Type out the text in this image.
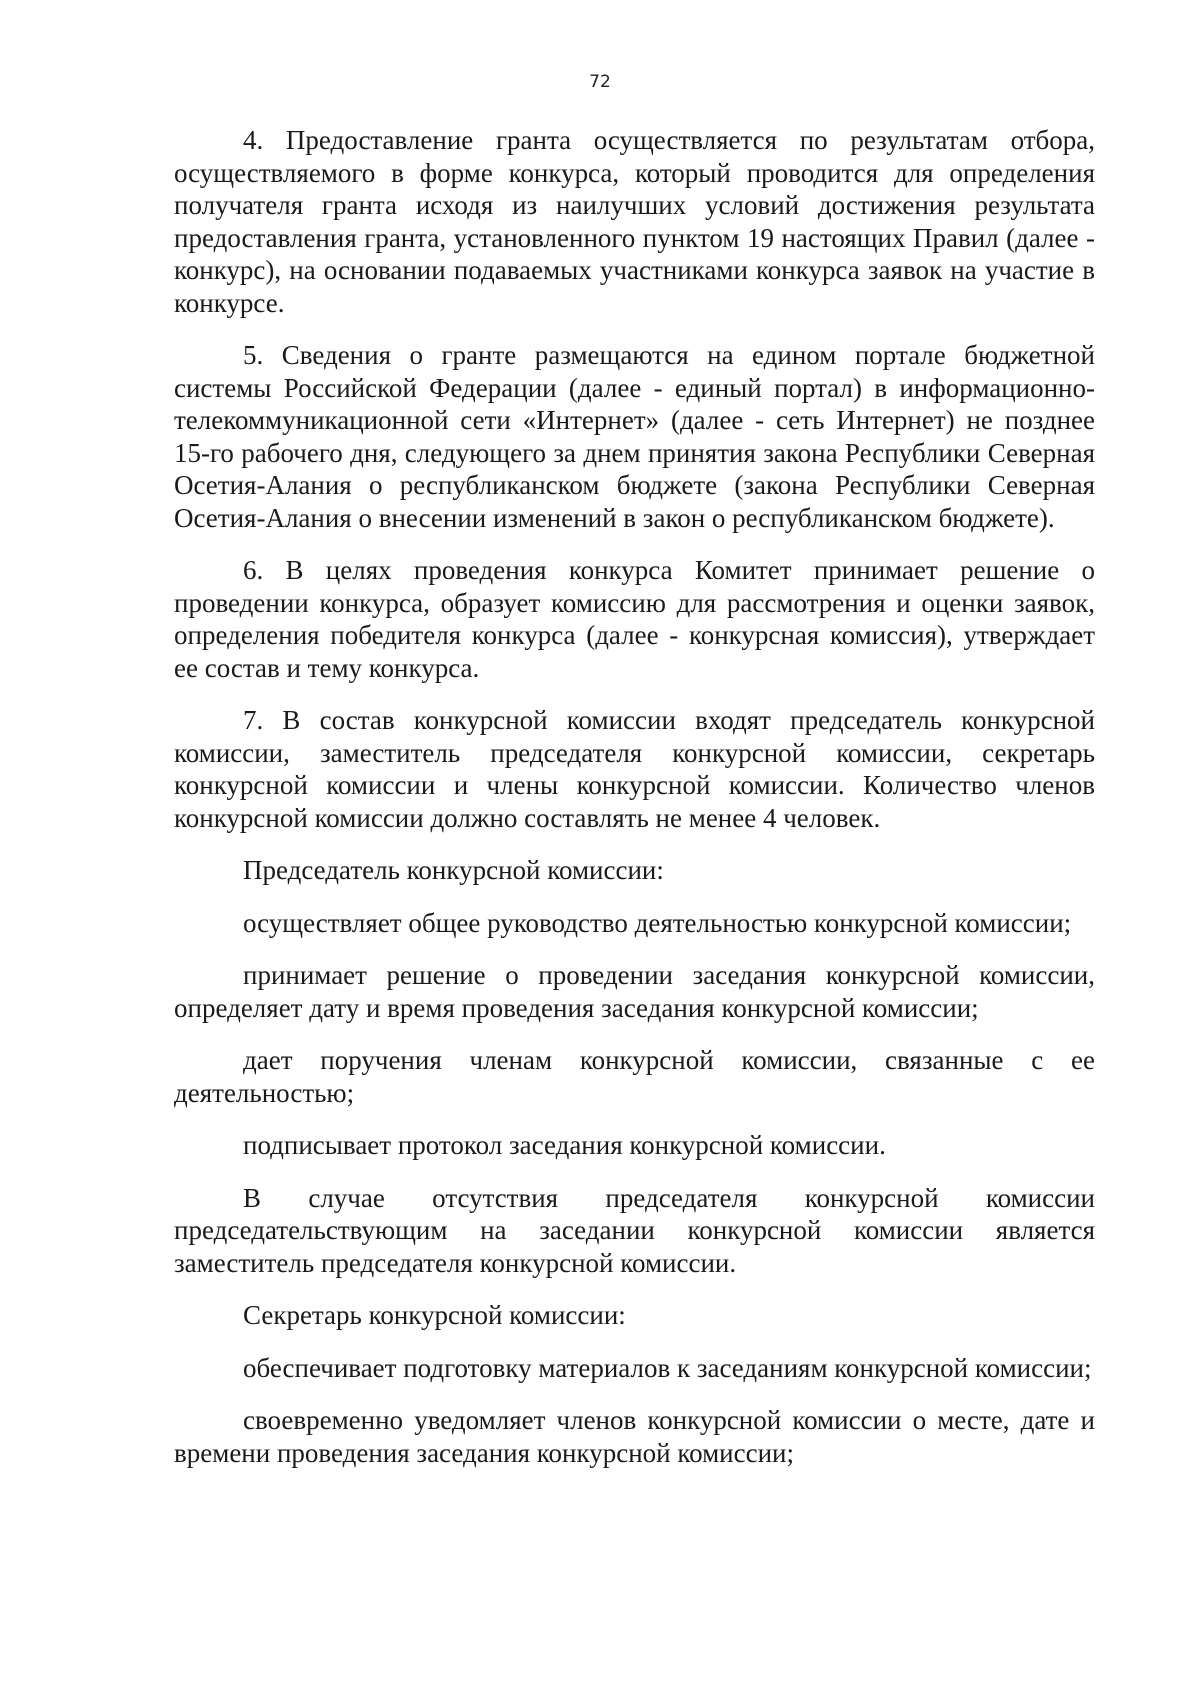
72

4. Предоставление гранта осуществляется по результатам отбора, осуществляемого в форме конкурса, который проводится для определения получателя гранта исходя из наилучших условий достижения результата предоставления гранта, установленного пунктом 19 настоящих Правил (далее - конкурс), на основании подаваемых участниками конкурса заявок на участие в конкурсе.

5. Сведения о гранте размещаются на едином портале бюджетной системы Российской Федерации (далее - единый портал) в информационно-телекоммуникационной сети «Интернет» (далее - сеть Интернет) не позднее 15-го рабочего дня, следующего за днем принятия закона Республики Северная Осетия-Алания о республиканском бюджете (закона Республики Северная Осетия-Алания о внесении изменений в закон о республиканском бюджете).

6. В целях проведения конкурса Комитет принимает решение о проведении конкурса, образует комиссию для рассмотрения и оценки заявок, определения победителя конкурса (далее - конкурсная комиссия), утверждает ее состав и тему конкурса.

7. В состав конкурсной комиссии входят председатель конкурсной комиссии, заместитель председателя конкурсной комиссии, секретарь конкурсной комиссии и члены конкурсной комиссии. Количество членов конкурсной комиссии должно составлять не менее 4 человек.

Председатель конкурсной комиссии:

осуществляет общее руководство деятельностью конкурсной комиссии;

принимает решение о проведении заседания конкурсной комиссии, определяет дату и время проведения заседания конкурсной комиссии;

дает поручения членам конкурсной комиссии, связанные с ее деятельностью;

подписывает протокол заседания конкурсной комиссии.

В случае отсутствия председателя конкурсной комиссии председательствующим на заседании конкурсной комиссии является заместитель председателя конкурсной комиссии.

Секретарь конкурсной комиссии:

обеспечивает подготовку материалов к заседаниям конкурсной комиссии;

своевременно уведомляет членов конкурсной комиссии о месте, дате и времени проведения заседания конкурсной комиссии;
